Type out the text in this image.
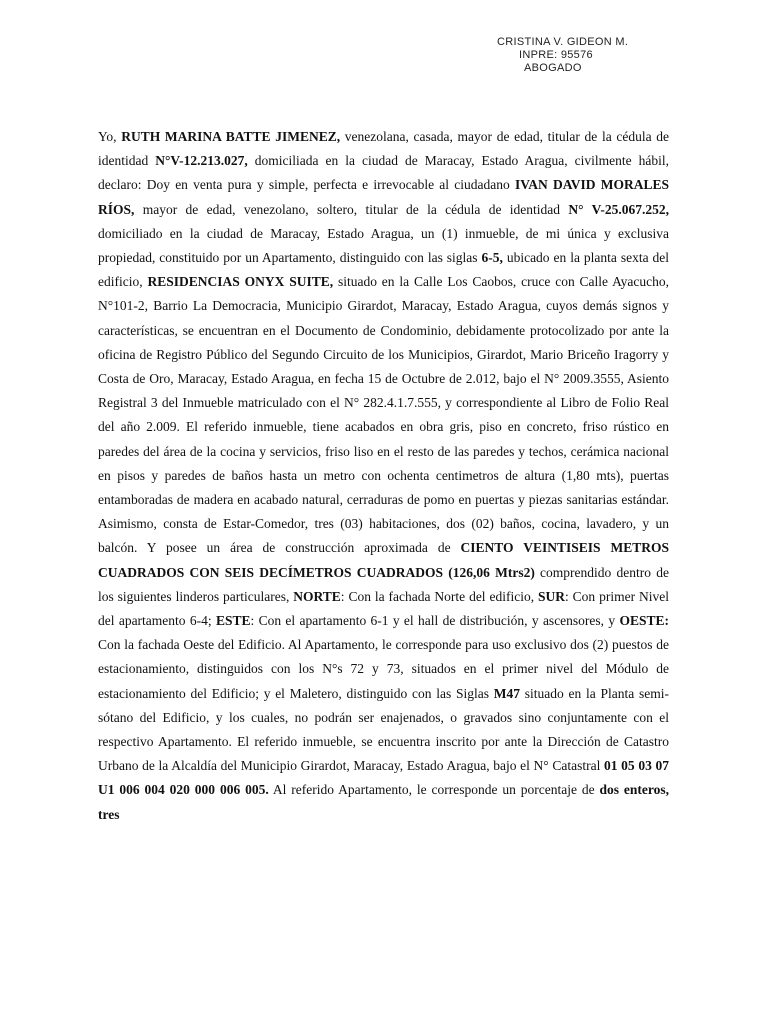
CRISTINA V. GIDEON M.
INPRE: 95576
ABOGADO

Yo, RUTH MARINA BATTE JIMENEZ, venezolana, casada, mayor de edad, titular de la cédula de identidad N°V-12.213.027, domiciliada en la ciudad de Maracay, Estado Aragua, civilmente hábil, declaro: Doy en venta pura y simple, perfecta e irrevocable al ciudadano IVAN DAVID MORALES RÍOS, mayor de edad, venezolano, soltero, titular de la cédula de identidad N° V-25.067.252, domiciliado en la ciudad de Maracay, Estado Aragua, un (1) inmueble, de mi única y exclusiva propiedad, constituido por un Apartamento, distinguido con las siglas 6-5, ubicado en la planta sexta del edificio, RESIDENCIAS ONYX SUITE, situado en la Calle Los Caobos, cruce con Calle Ayacucho, N°101-2, Barrio La Democracia, Municipio Girardot, Maracay, Estado Aragua, cuyos demás signos y características, se encuentran en el Documento de Condominio, debidamente protocolizado por ante la oficina de Registro Público del Segundo Circuito de los Municipios, Girardot, Mario Briceño Iragorry y Costa de Oro, Maracay, Estado Aragua, en fecha 15 de Octubre de 2.012, bajo el N° 2009.3555, Asiento Registral 3 del Inmueble matriculado con el N° 282.4.1.7.555, y correspondiente al Libro de Folio Real del año 2.009. El referido inmueble, tiene acabados en obra gris, piso en concreto, friso rústico en paredes del área de la cocina y servicios, friso liso en el resto de las paredes y techos, cerámica nacional en pisos y paredes de baños hasta un metro con ochenta centimetros de altura (1,80 mts), puertas entamboradas de madera en acabado natural, cerraduras de pomo en puertas y piezas sanitarias estándar. Asimismo, consta de Estar-Comedor, tres (03) habitaciones, dos (02) baños, cocina, lavadero, y un balcón. Y posee un área de construcción aproximada de CIENTO VEINTISEIS METROS CUADRADOS CON SEIS DECÍMETROS CUADRADOS (126,06 Mtrs2) comprendido dentro de los siguientes linderos particulares, NORTE: Con la fachada Norte del edificio, SUR: Con primer Nivel del apartamento 6-4; ESTE: Con el apartamento 6-1 y el hall de distribución, y ascensores, y OESTE: Con la fachada Oeste del Edificio. Al Apartamento, le corresponde para uso exclusivo dos (2) puestos de estacionamiento, distinguidos con los N°s 72 y 73, situados en el primer nivel del Módulo de estacionamiento del Edificio; y el Maletero, distinguido con las Siglas M47 situado en la Planta semi-sótano del Edificio, y los cuales, no podrán ser enajenados, o gravados sino conjuntamente con el respectivo Apartamento. El referido inmueble, se encuentra inscrito por ante la Dirección de Catastro Urbano de la Alcaldía del Municipio Girardot, Maracay, Estado Aragua, bajo el N° Catastral 01 05 03 07 U1 006 004 020 000 006 005. Al referido Apartamento, le corresponde un porcentaje de dos enteros, tres
